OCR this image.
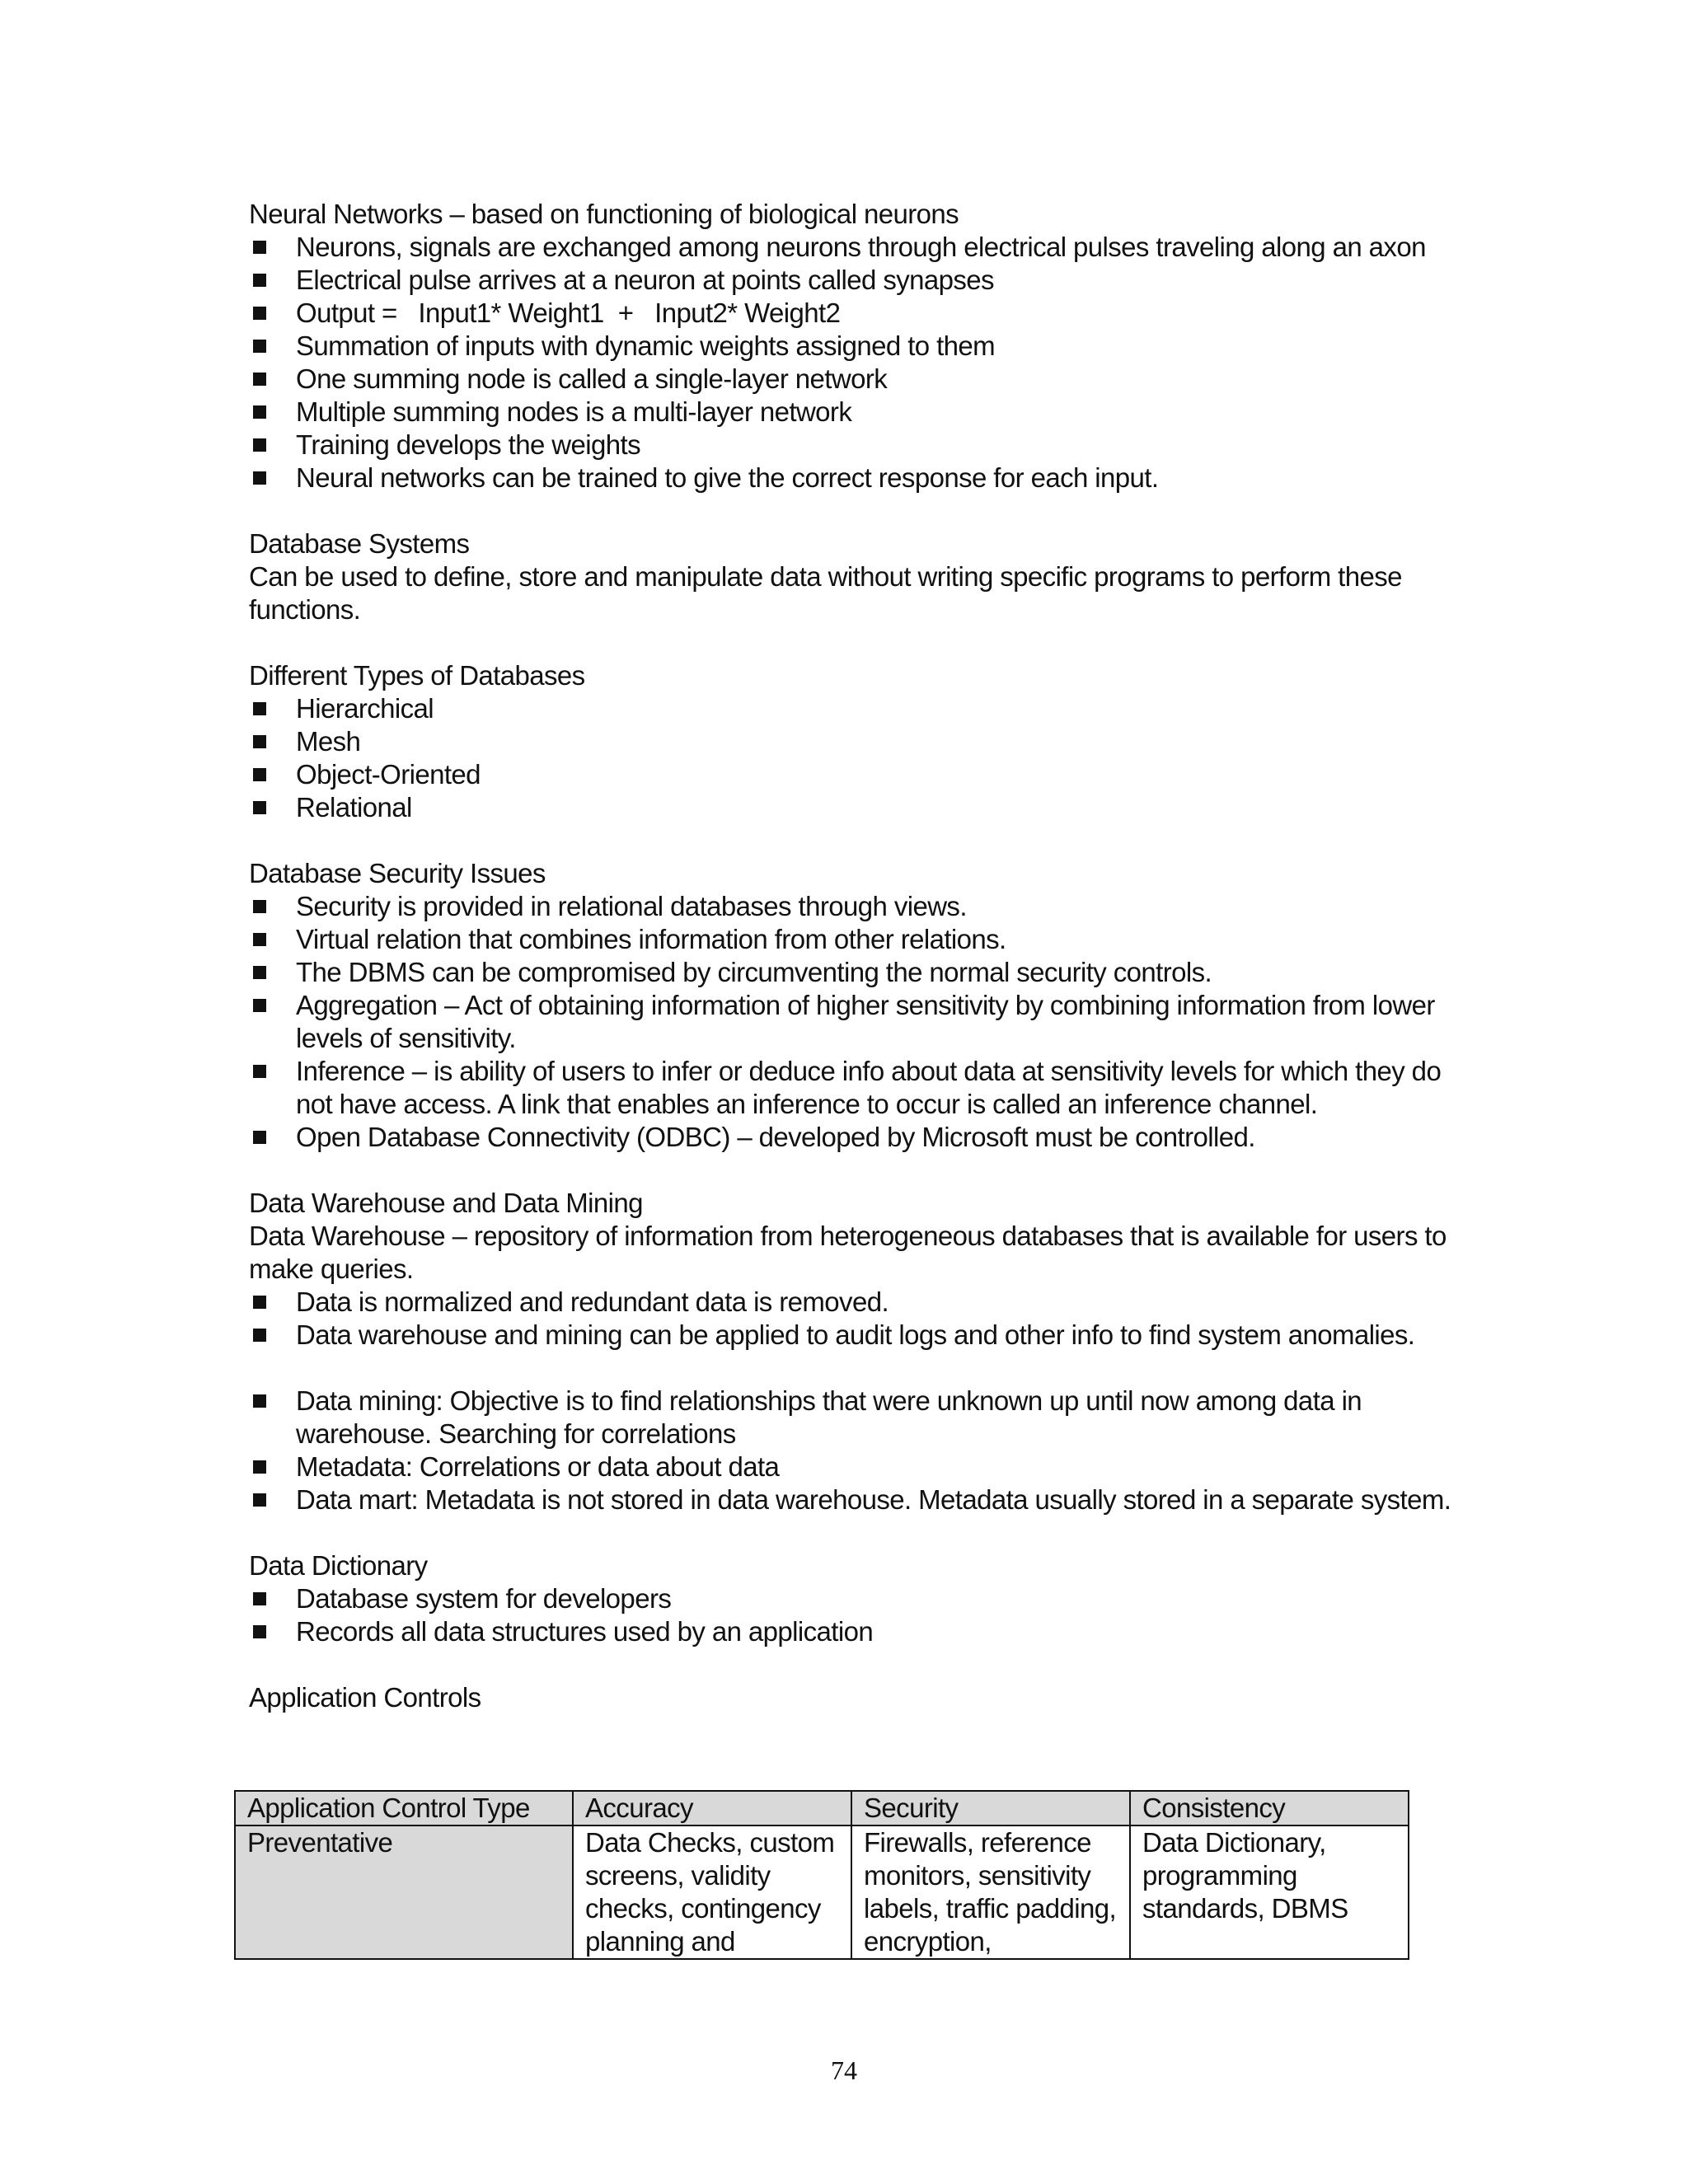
Neural Networks – based on functioning of biological neurons
Neurons, signals are exchanged among neurons through electrical pulses traveling along an axon
Electrical pulse arrives at a neuron at points called synapses
Output =   Input1* Weight1  +   Input2* Weight2
Summation of inputs with dynamic weights assigned to them
One summing node is called a single-layer network
Multiple summing nodes is a multi-layer network
Training develops the weights
Neural networks can be trained to give the correct response for each input.
Database Systems
Can be used to define, store and manipulate data without writing specific programs to perform these functions.
Different Types of Databases
Hierarchical
Mesh
Object-Oriented
Relational
Database Security Issues
Security is provided in relational databases through views.
Virtual relation that combines information from other relations.
The DBMS can be compromised by circumventing the normal security controls.
Aggregation – Act of obtaining information of higher sensitivity by combining information from lower levels of sensitivity.
Inference – is ability of users to infer or deduce info about data at sensitivity levels for which they do not have access. A link that enables an inference to occur is called an inference channel.
Open Database Connectivity (ODBC) – developed by Microsoft must be controlled.
Data Warehouse and Data Mining
Data Warehouse – repository of information from heterogeneous databases that is available for users to make queries.
Data is normalized and redundant data is removed.
Data warehouse and mining can be applied to audit logs and other info to find system anomalies.
Data mining: Objective is to find relationships that were unknown up until now among data in warehouse. Searching for correlations
Metadata: Correlations or data about data
Data mart: Metadata is not stored in data warehouse. Metadata usually stored in a separate system.
Data Dictionary
Database system for developers
Records all data structures used by an application
Application Controls
Application Control Type	Accuracy	Security	Consistency
Preventative	Data Checks, custom screens, validity checks, contingency planning and	Firewalls, reference monitors, sensitivity labels, traffic padding, encryption,	Data Dictionary, programming standards, DBMS
74
